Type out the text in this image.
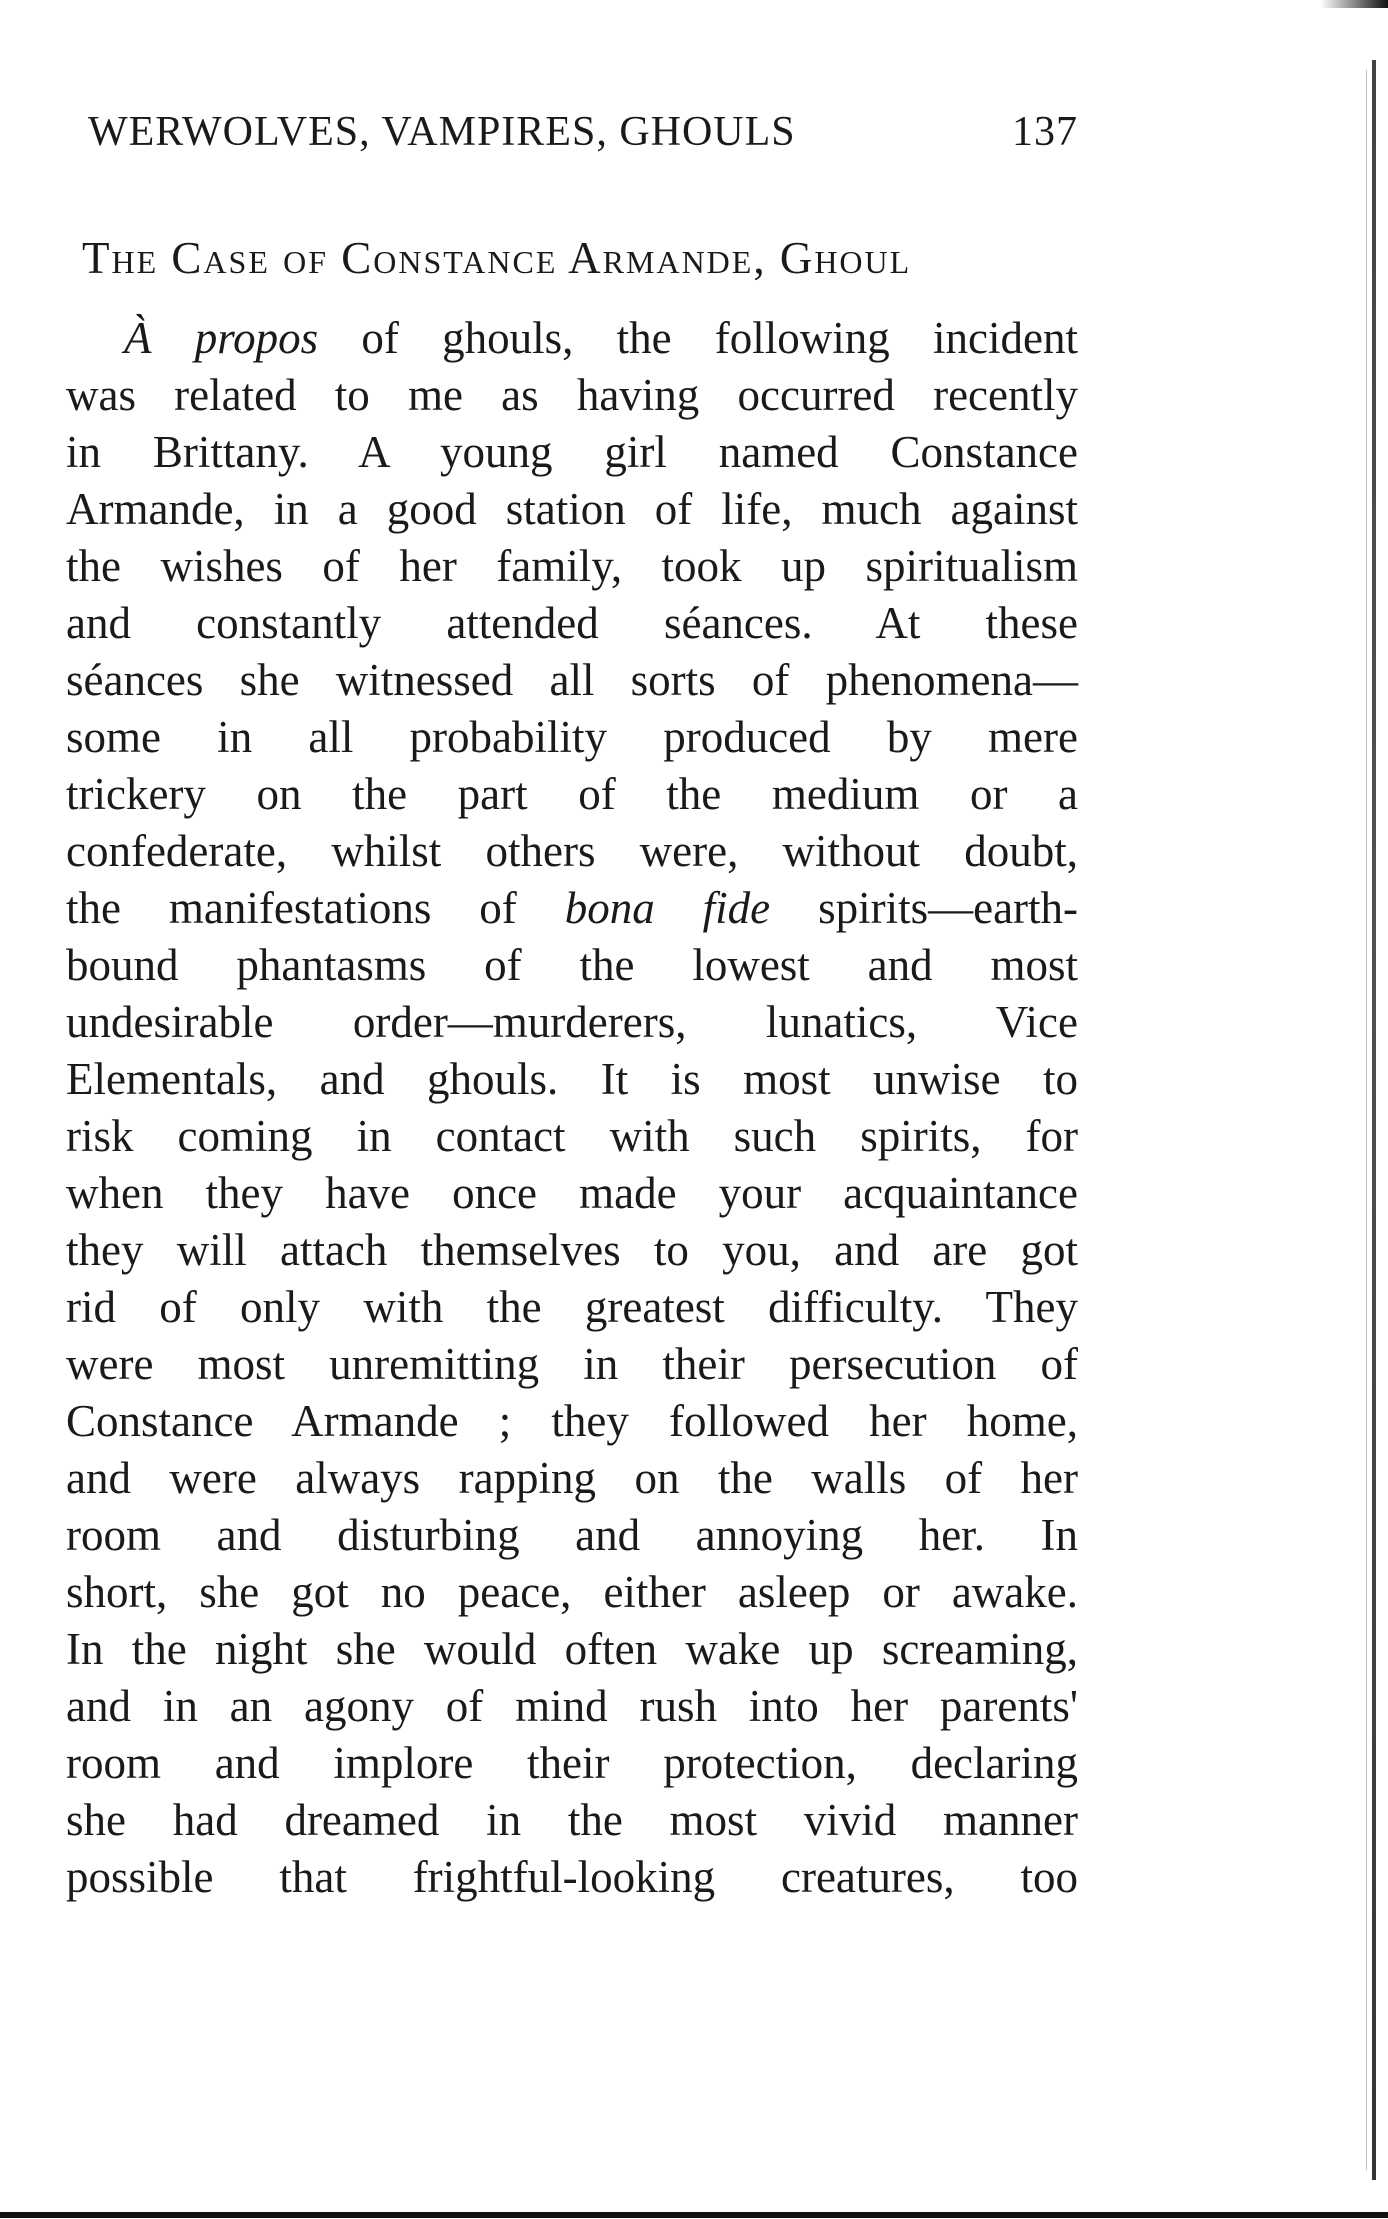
WERWOLVES, VAMPIRES, GHOULS	137
The Case of Constance Armande, Ghoul
À propos of ghouls, the following incident
was related to me as having occurred recently
in Brittany. A young girl named Constance
Armande, in a good station of life, much against
the wishes of her family, took up spiritualism
and constantly attended séances. At these
séances she witnessed all sorts of phenomena—
some in all probability produced by mere
trickery on the part of the medium or a
confederate, whilst others were, without doubt,
the manifestations of bona fide spirits—earth-
bound phantasms of the lowest and most
undesirable order—murderers, lunatics, Vice
Elementals, and ghouls. It is most unwise to
risk coming in contact with such spirits, for
when they have once made your acquaintance
they will attach themselves to you, and are got
rid of only with the greatest difficulty. They
were most unremitting in their persecution of
Constance Armande ; they followed her home,
and were always rapping on the walls of her
room and disturbing and annoying her. In
short, she got no peace, either asleep or awake.
In the night she would often wake up screaming,
and in an agony of mind rush into her parents'
room and implore their protection, declaring
she had dreamed in the most vivid manner
possible that frightful-looking creatures, too
